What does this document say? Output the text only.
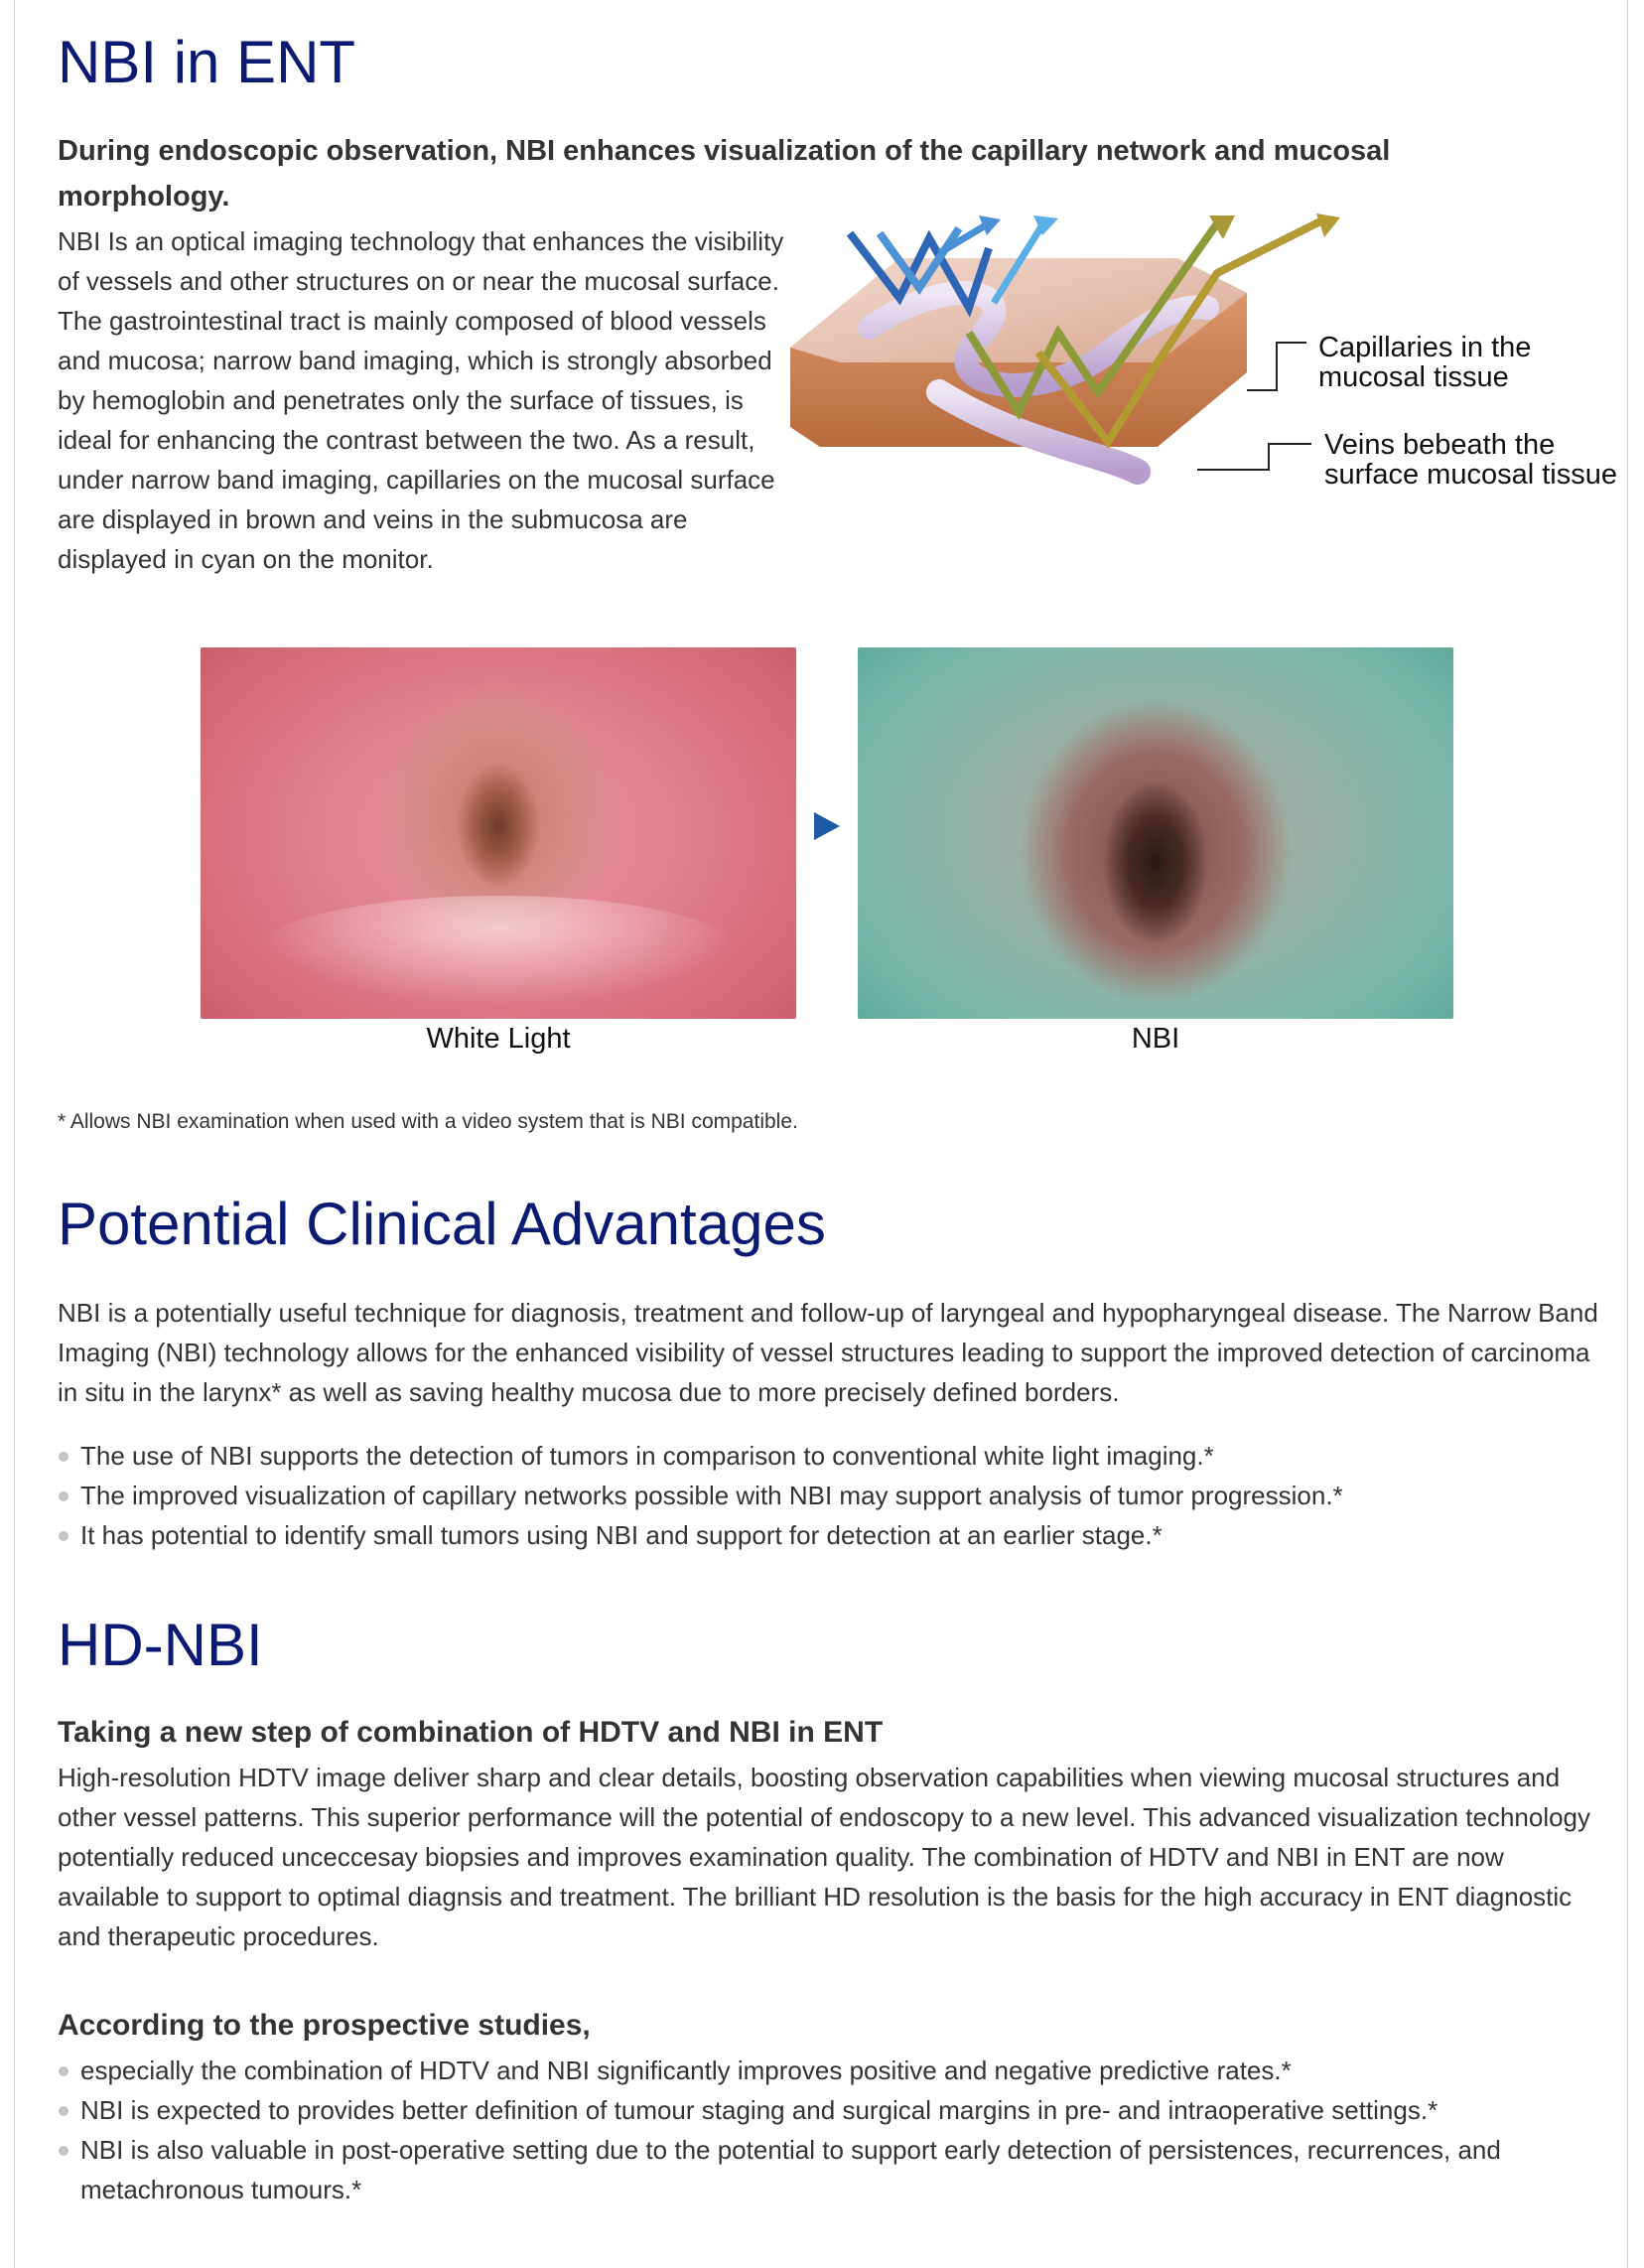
NBI in ENT
During endoscopic observation, NBI enhances visualization of the capillary network and mucosal morphology.

NBI Is an optical imaging technology that enhances the visibility of vessels and other structures on or near the mucosal surface. The gastrointestinal tract is mainly composed of blood vessels and mucosa; narrow band imaging, which is strongly absorbed by hemoglobin and penetrates only the surface of tissues, is ideal for enhancing the contrast between the two. As a result, under narrow band imaging, capillaries on the mucosal surface are displayed in brown and veins in the submucosa are displayed in cyan on the monitor.

Capillaries in the
mucosal tissue
Veins bebeath the
surface mucosal tissue
White Light	NBI
* Allows NBI examination when used with a video system that is NBI compatible.
Potential Clinical Advantages

NBI is a potentially useful technique for diagnosis, treatment and follow-up of laryngeal and hypopharyngeal disease. The Narrow Band Imaging (NBI) technology allows for the enhanced visibility of vessel structures leading to support the improved detection of carcinoma in situ in the larynx* as well as saving healthy mucosa due to more precisely defined borders.

The use of NBI supports the detection of tumors in comparison to conventional white light imaging.*
The improved visualization of capillary networks possible with NBI may support analysis of tumor progression.*
It has potential to identify small tumors using NBI and support for detection at an earlier stage.*
HD-NBI
Taking a new step of combination of HDTV and NBI in ENT

High-resolution HDTV image deliver sharp and clear details, boosting observation capabilities when viewing mucosal structures and other vessel patterns. This superior performance will the potential of endoscopy to a new level. This advanced visualization technology potentially reduced unceccesay biopsies and improves examination quality. The combination of HDTV and NBI in ENT are now available to support to optimal diagnsis and treatment. The brilliant HD resolution is the basis for the high accuracy in ENT diagnostic and therapeutic procedures.

According to the prospective studies,
especially the combination of HDTV and NBI significantly improves positive and negative predictive rates.*
NBI is expected to provides better definition of tumour staging and surgical margins in pre- and intraoperative settings.*
NBI is also valuable in post-operative setting due to the potential to support early detection of persistences, recurrences, and metachronous tumours.*
